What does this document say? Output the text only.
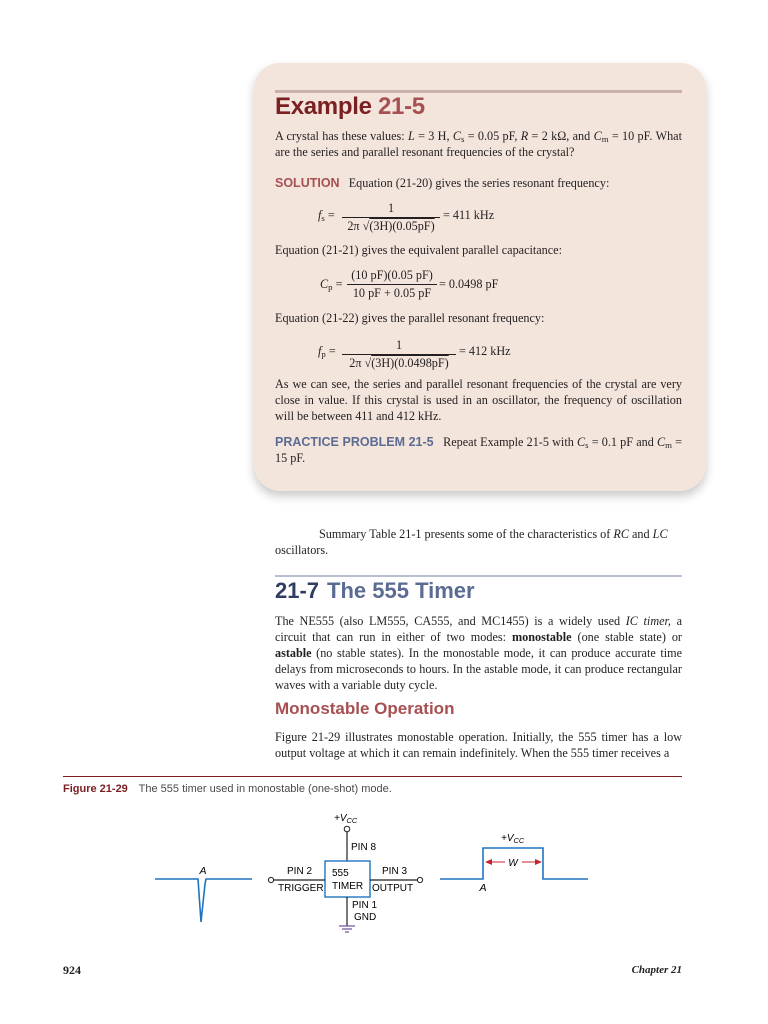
Example 21-5
A crystal has these values: L = 3 H, $C_s = 0.05$ pF, R = 2 kΩ, and $C_m = 10$ pF. What are the series and parallel resonant frequencies of the crystal?
SOLUTION Equation (21-20) gives the series resonant frequency:
$f_s = \frac{1}{2\pi √(3H)(0.05pF)} = 411$ kHz
Equation (21-21) gives the equivalent parallel capacitance:
$C_p = \frac{(10 pF)(0.05 pF)}{10 pF + 0.05 pF} = 0.0498$ pF
Equation (21-22) gives the parallel resonant frequency:
$f_p = \frac{1}{2\pi √(3H)(0.0498pF)} = 412$ kHz
As we can see, the series and parallel resonant frequencies of the crystal are very close in value. If this crystal is used in an oscillator, the frequency of oscillation will be between 411 and 412 kHz.
PRACTICE PROBLEM 21-5   Repeat Example 21-5 with $C_s = 0.1$ pF and $C_m = 15$ pF.
Summary Table 21-1 presents some of the characteristics of RC and LC
oscillators.
21-7 The 555 Timer
The NE555 (also LM555, CA555, and MC1455) is a widely used IC timer, a circuit that can run in either of two modes: monostable (one stable state) or astable (no stable states). In the monostable mode, it can produce accurate time delays from microseconds to hours. In the astable mode, it can produce rectangular waves with a variable duty cycle.
Monostable Operation
Figure 21-29 illustrates monostable operation. Initially, the 555 timer has a low output voltage at which it can remain indefinitely. When the 555 timer receives a
Figure 21-29 The 555 timer used in monostable (one-shot) mode.
A
$+V_{CC}$
PIN 8
555
TIMER
PIN 2
TRIGGER
PIN 3
OUTPUT
PIN 1
GND
$+V_{CC}$
W
A
924	Chapter 21
